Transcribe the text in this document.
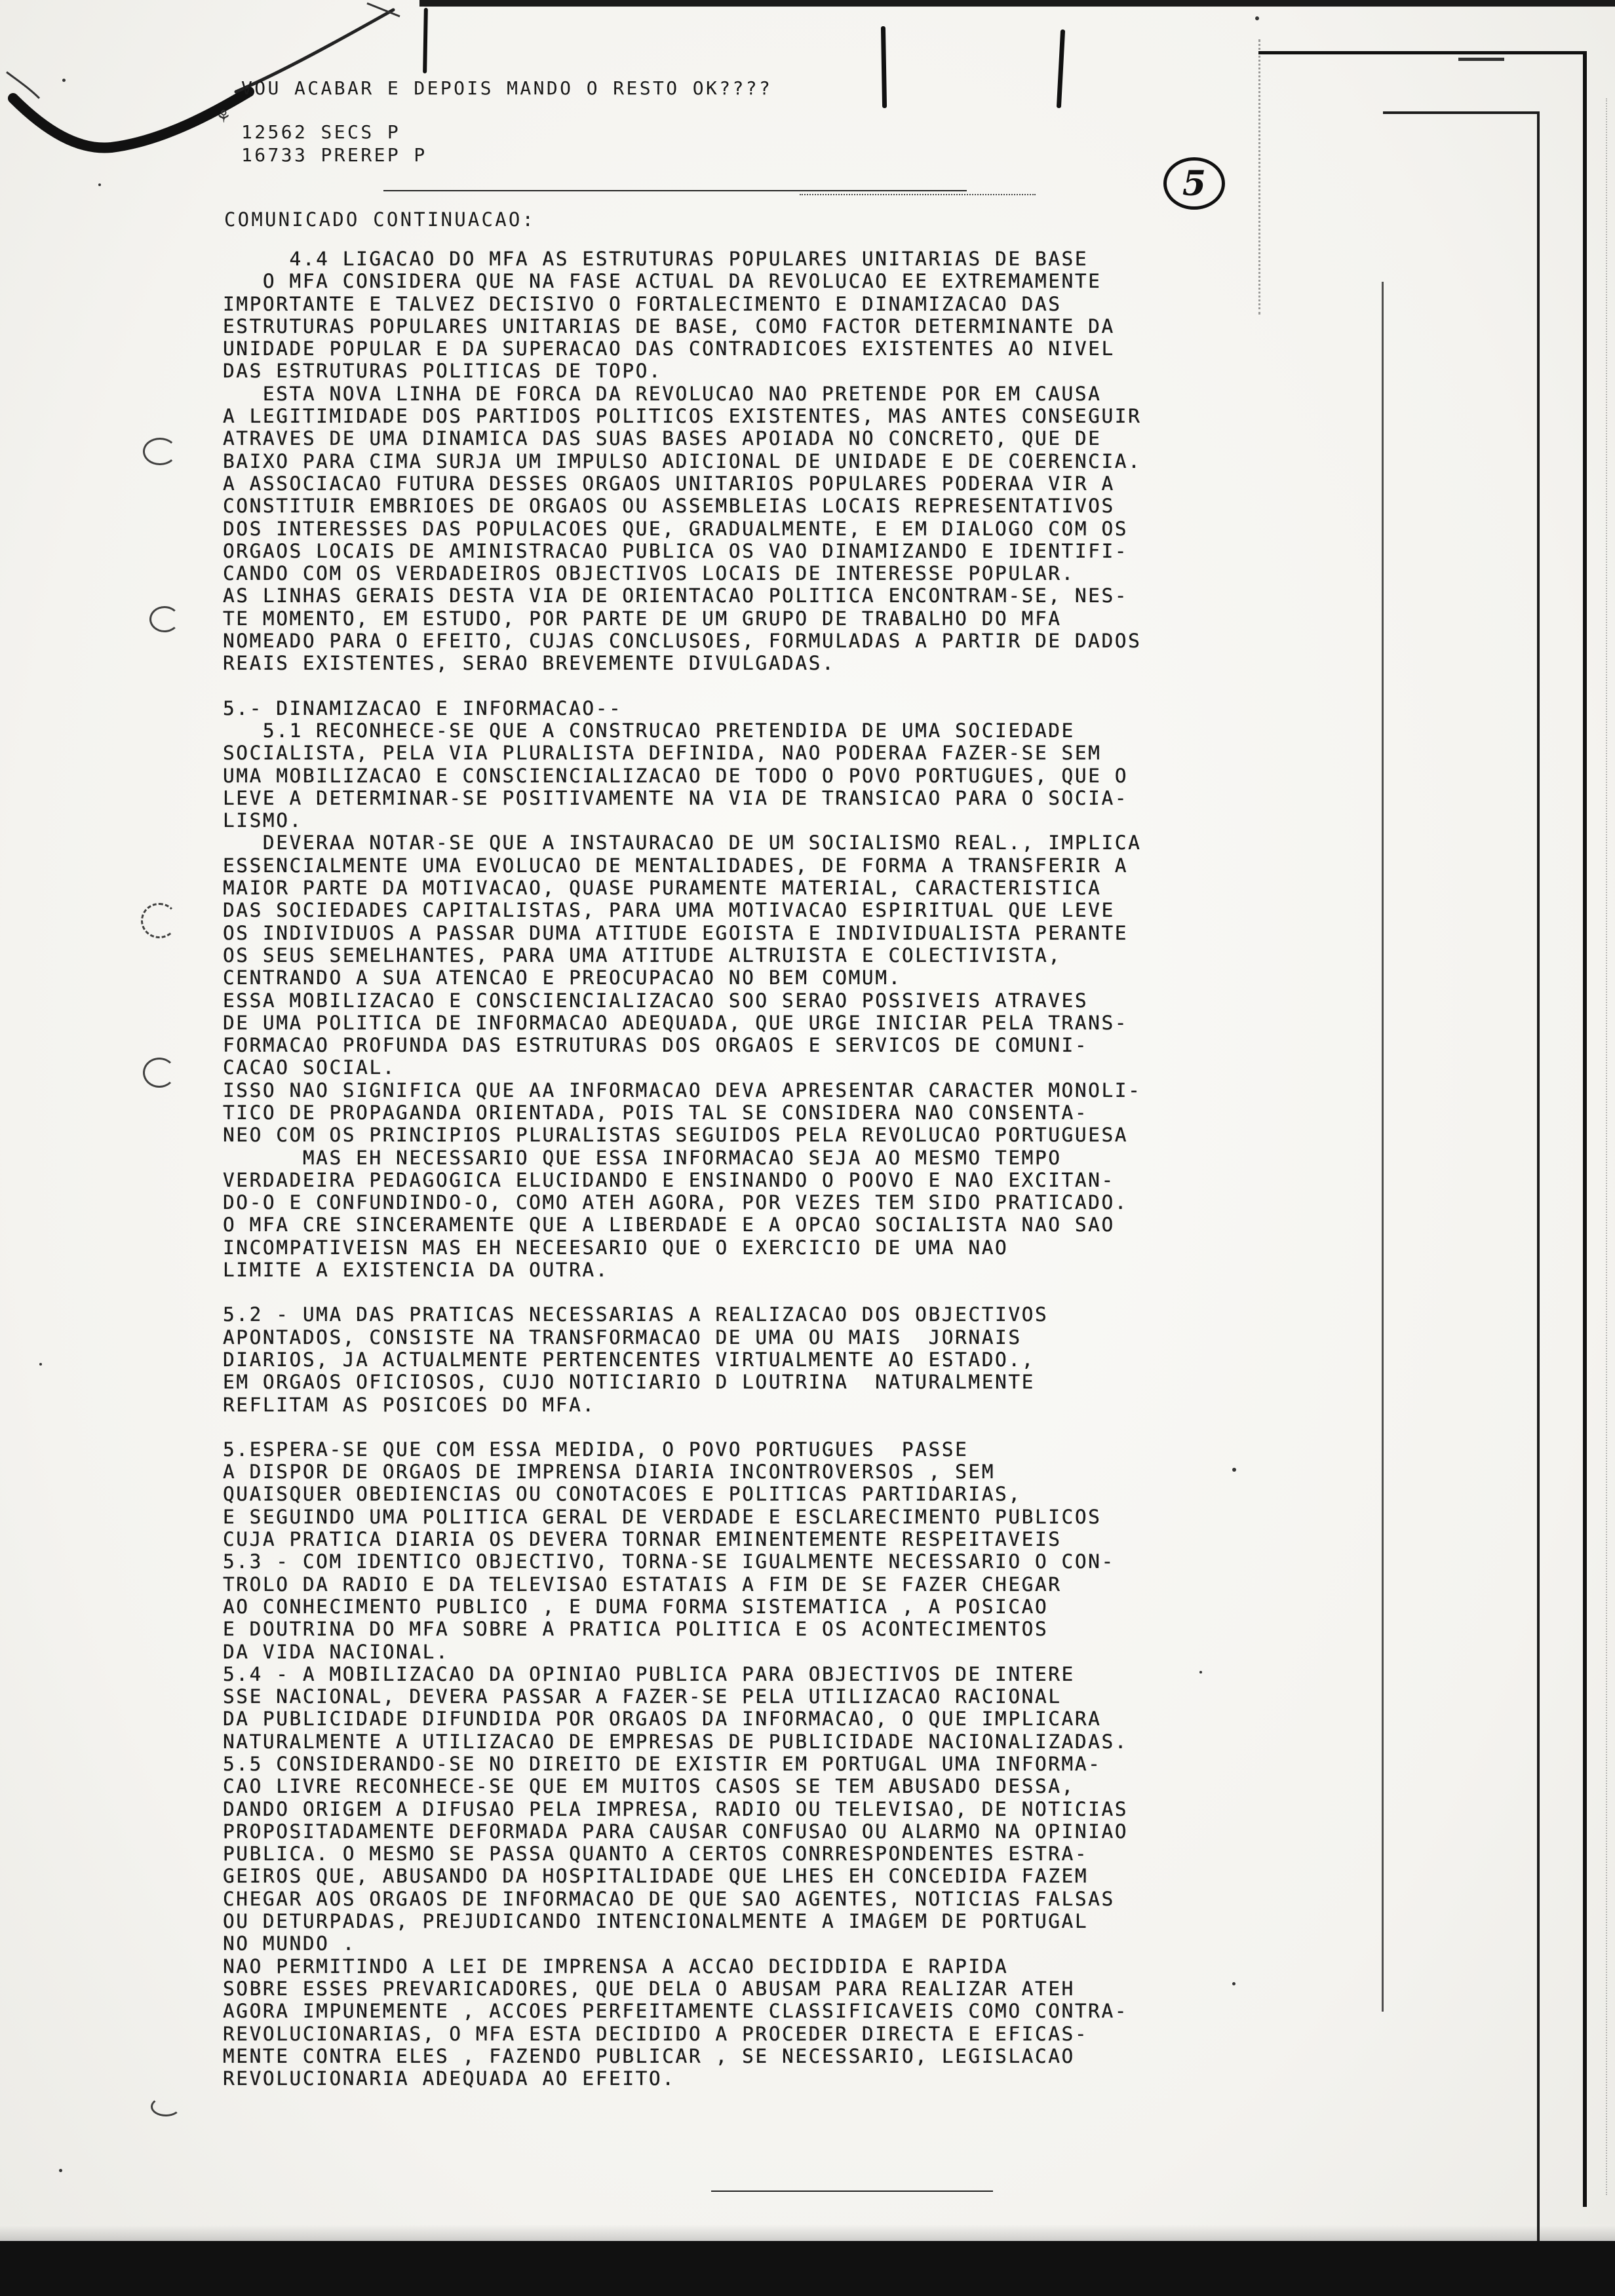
VOU ACABAR E DEPOIS MANDO O RESTO OK????
⚘
12562 SECS P
16733 PREREP P
5
COMUNICADO CONTINUACAO:
4.4 LIGACAO DO MFA AS ESTRUTURAS POPULARES UNITARIAS DE BASE
O MFA CONSIDERA QUE NA FASE ACTUAL DA REVOLUCAO EE EXTREMAMENTE
IMPORTANTE E TALVEZ DECISIVO O FORTALECIMENTO E DINAMIZACAO DAS
ESTRUTURAS POPULARES UNITARIAS DE BASE, COMO FACTOR DETERMINANTE DA
UNIDADE POPULAR E DA SUPERACAO DAS CONTRADICOES EXISTENTES AO NIVEL
DAS ESTRUTURAS POLITICAS DE TOPO.
ESTA NOVA LINHA DE FORCA DA REVOLUCAO NAO PRETENDE POR EM CAUSA
A LEGITIMIDADE DOS PARTIDOS POLITICOS EXISTENTES, MAS ANTES CONSEGUIR
ATRAVES DE UMA DINAMICA DAS SUAS BASES APOIADA NO CONCRETO, QUE DE
BAIXO PARA CIMA SURJA UM IMPULSO ADICIONAL DE UNIDADE E DE COERENCIA.
A ASSOCIACAO FUTURA DESSES ORGAOS UNITARIOS POPULARES PODERAA VIR A
CONSTITUIR EMBRIOES DE ORGAOS OU ASSEMBLEIAS LOCAIS REPRESENTATIVOS
DOS INTERESSES DAS POPULACOES QUE, GRADUALMENTE, E EM DIALOGO COM OS
ORGAOS LOCAIS DE AMINISTRACAO PUBLICA OS VAO DINAMIZANDO E IDENTIFI-
CANDO COM OS VERDADEIROS OBJECTIVOS LOCAIS DE INTERESSE POPULAR.
AS LINHAS GERAIS DESTA VIA DE ORIENTACAO POLITICA ENCONTRAM-SE, NES-
TE MOMENTO, EM ESTUDO, POR PARTE DE UM GRUPO DE TRABALHO DO MFA
NOMEADO PARA O EFEITO, CUJAS CONCLUSOES, FORMULADAS A PARTIR DE DADOS
REAIS EXISTENTES, SERAO BREVEMENTE DIVULGADAS.
5.- DINAMIZACAO E INFORMACAO--
5.1 RECONHECE-SE QUE A CONSTRUCAO PRETENDIDA DE UMA SOCIEDADE
SOCIALISTA, PELA VIA PLURALISTA DEFINIDA, NAO PODERAA FAZER-SE SEM
UMA MOBILIZACAO E CONSCIENCIALIZACAO DE TODO O POVO PORTUGUES, QUE O
LEVE A DETERMINAR-SE POSITIVAMENTE NA VIA DE TRANSICAO PARA O SOCIA-
LISMO.
DEVERAA NOTAR-SE QUE A INSTAURACAO DE UM SOCIALISMO REAL., IMPLICA
ESSENCIALMENTE UMA EVOLUCAO DE MENTALIDADES, DE FORMA A TRANSFERIR A
MAIOR PARTE DA MOTIVACAO, QUASE PURAMENTE MATERIAL, CARACTERISTICA
DAS SOCIEDADES CAPITALISTAS, PARA UMA MOTIVACAO ESPIRITUAL QUE LEVE
OS INDIVIDUOS A PASSAR DUMA ATITUDE EGOISTA E INDIVIDUALISTA PERANTE
OS SEUS SEMELHANTES, PARA UMA ATITUDE ALTRUISTA E COLECTIVISTA,
CENTRANDO A SUA ATENCAO E PREOCUPACAO NO BEM COMUM.
ESSA MOBILIZACAO E CONSCIENCIALIZACAO SOO SERAO POSSIVEIS ATRAVES
DE UMA POLITICA DE INFORMACAO ADEQUADA, QUE URGE INICIAR PELA TRANS-
FORMACAO PROFUNDA DAS ESTRUTURAS DOS ORGAOS E SERVICOS DE COMUNI-
CACAO SOCIAL.
ISSO NAO SIGNIFICA QUE AA INFORMACAO DEVA APRESENTAR CARACTER MONOLI-
TICO DE PROPAGANDA ORIENTADA, POIS TAL SE CONSIDERA NAO CONSENTA-
NEO COM OS PRINCIPIOS PLURALISTAS SEGUIDOS PELA REVOLUCAO PORTUGUESA
MAS EH NECESSARIO QUE ESSA INFORMACAO SEJA AO MESMO TEMPO
VERDADEIRA PEDAGOGICA ELUCIDANDO E ENSINANDO O POOVO E NAO EXCITAN-
DO-O E CONFUNDINDO-O, COMO ATEH AGORA, POR VEZES TEM SIDO PRATICADO.
O MFA CRE SINCERAMENTE QUE A LIBERDADE E A OPCAO SOCIALISTA NAO SAO
INCOMPATIVEISN MAS EH NECEESARIO QUE O EXERCICIO DE UMA NAO
LIMITE A EXISTENCIA DA OUTRA.
5.2 - UMA DAS PRATICAS NECESSARIAS A REALIZACAO DOS OBJECTIVOS
APONTADOS, CONSISTE NA TRANSFORMACAO DE UMA OU MAIS  JORNAIS
DIARIOS, JA ACTUALMENTE PERTENCENTES VIRTUALMENTE AO ESTADO.,
EM ORGAOS OFICIOSOS, CUJO NOTICIARIO D LOUTRINA  NATURALMENTE
REFLITAM AS POSICOES DO MFA.
5.ESPERA-SE QUE COM ESSA MEDIDA, O POVO PORTUGUES  PASSE
A DISPOR DE ORGAOS DE IMPRENSA DIARIA INCONTROVERSOS , SEM
QUAISQUER OBEDIENCIAS OU CONOTACOES E POLITICAS PARTIDARIAS,
E SEGUINDO UMA POLITICA GERAL DE VERDADE E ESCLARECIMENTO PUBLICOS
CUJA PRATICA DIARIA OS DEVERA TORNAR EMINENTEMENTE RESPEITAVEIS
5.3 - COM IDENTICO OBJECTIVO, TORNA-SE IGUALMENTE NECESSARIO O CON-
TROLO DA RADIO E DA TELEVISAO ESTATAIS A FIM DE SE FAZER CHEGAR
AO CONHECIMENTO PUBLICO , E DUMA FORMA SISTEMATICA , A POSICAO
E DOUTRINA DO MFA SOBRE A PRATICA POLITICA E OS ACONTECIMENTOS
DA VIDA NACIONAL.
5.4 - A MOBILIZACAO DA OPINIAO PUBLICA PARA OBJECTIVOS DE INTERE
SSE NACIONAL, DEVERA PASSAR A FAZER-SE PELA UTILIZACAO RACIONAL
DA PUBLICIDADE DIFUNDIDA POR ORGAOS DA INFORMACAO, O QUE IMPLICARA
NATURALMENTE A UTILIZACAO DE EMPRESAS DE PUBLICIDADE NACIONALIZADAS.
5.5 CONSIDERANDO-SE NO DIREITO DE EXISTIR EM PORTUGAL UMA INFORMA-
CAO LIVRE RECONHECE-SE QUE EM MUITOS CASOS SE TEM ABUSADO DESSA,
DANDO ORIGEM A DIFUSAO PELA IMPRESA, RADIO OU TELEVISAO, DE NOTICIAS
PROPOSITADAMENTE DEFORMADA PARA CAUSAR CONFUSAO OU ALARMO NA OPINIAO
PUBLICA. O MESMO SE PASSA QUANTO A CERTOS CONRRESPONDENTES ESTRA-
GEIROS QUE, ABUSANDO DA HOSPITALIDADE QUE LHES EH CONCEDIDA FAZEM
CHEGAR AOS ORGAOS DE INFORMACAO DE QUE SAO AGENTES, NOTICIAS FALSAS
OU DETURPADAS, PREJUDICANDO INTENCIONALMENTE A IMAGEM DE PORTUGAL
NO MUNDO .
NAO PERMITINDO A LEI DE IMPRENSA A ACCAO DECIDDIDA E RAPIDA
SOBRE ESSES PREVARICADORES, QUE DELA O ABUSAM PARA REALIZAR ATEH
AGORA IMPUNEMENTE , ACCOES PERFEITAMENTE CLASSIFICAVEIS COMO CONTRA-
REVOLUCIONARIAS, O MFA ESTA DECIDIDO A PROCEDER DIRECTA E EFICAS-
MENTE CONTRA ELES , FAZENDO PUBLICAR , SE NECESSARIO, LEGISLACAO
REVOLUCIONARIA ADEQUADA AO EFEITO.
